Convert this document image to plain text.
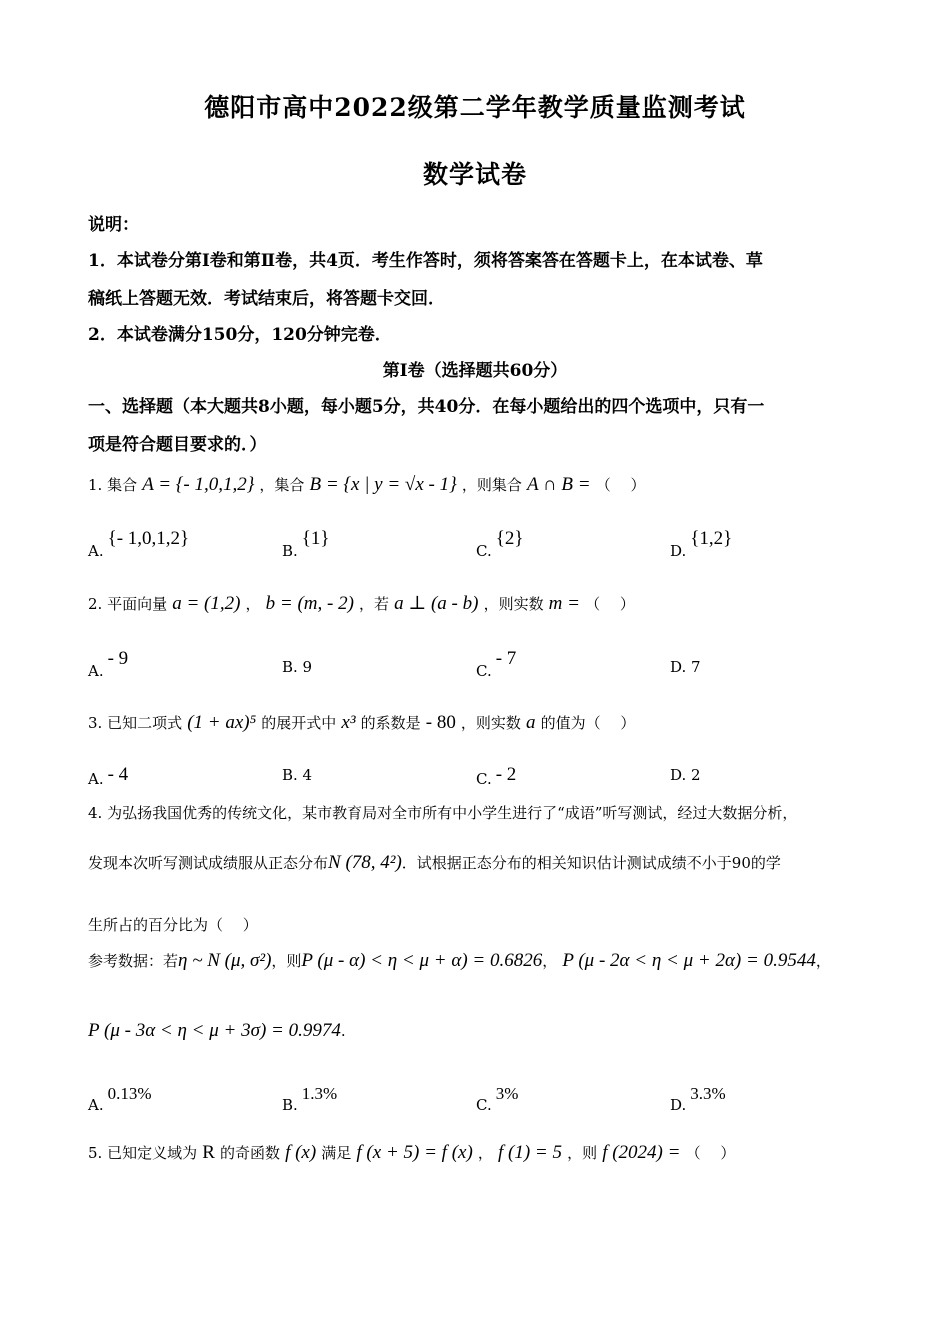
德阳市高中2022级第二学年教学质量监测考试
数学试卷
说明：
1．本试卷分第Ⅰ卷和第Ⅱ卷，共4页．考生作答时，须将答案答在答题卡上，在本试卷、草
稿纸上答题无效．考试结束后，将答题卡交回．
2．本试卷满分150分，120分钟完卷．
第Ⅰ卷（选择题共60分）
一、选择题（本大题共8小题，每小题5分，共40分．在每小题给出的四个选项中，只有一
项是符合题目要求的．）
1. 集合 A = {- 1,0,1,2} ，集合 B = {x | y = √x - 1} ，则集合 A ∩ B = （　 ）
A.{- 1,0,1,2}
B.{1}
C.{2}
D.{1,2}
2. 平面向量 a = (1,2) ， b = (m, - 2) ，若 a ⊥ (a - b) ，则实数 m = （　 ）
A.- 9	B. 9	C.- 7	D. 7
3. 已知二项式 (1 + ax)⁵ 的展开式中 x³ 的系数是 - 80 ，则实数 a 的值为（　 ）
A. - 4	B. 4	C. - 2	D. 2
4. 为弘扬我国优秀的传统文化，某市教育局对全市所有中小学生进行了“成语”听写测试，经过大数据分析，
发现本次听写测试成绩服从正态分布N (78, 4²)．试根据正态分布的相关知识估计测试成绩不小于90的学
生所占的百分比为（　 ）
参考数据：若η ~ N (μ, σ²)，则P (μ - α) < η < μ + α) = 0.6826， P (μ - 2α < η < μ + 2α) = 0.9544，
P (μ - 3α < η < μ + 3σ) = 0.9974.
A.0.13%
B.1.3%
C.3%
D.3.3%
5. 已知定义域为 R 的奇函数 f (x) 满足 f (x + 5) = f (x) ， f (1) = 5 ，则 f (2024) = （　 ）
